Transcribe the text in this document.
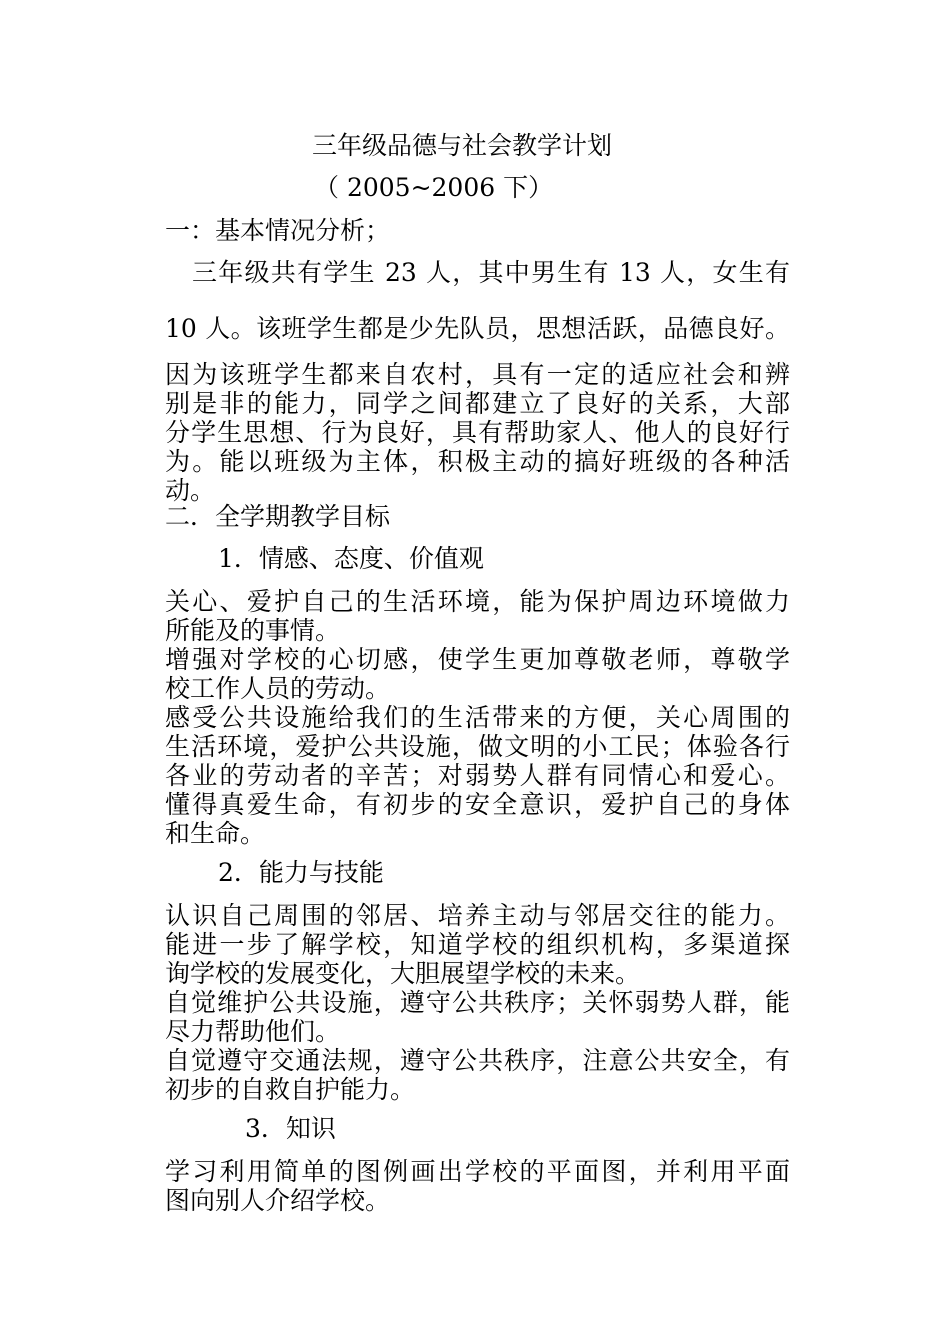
三年级品德与社会教学计划
（ 2005~2006 下）
一：基本情况分析；
三年级共有学生 23 人，其中男生有 13 人，女生有
10 人。该班学生都是少先队员，思想活跃，品德良好。
因为该班学生都来自农村，具有一定的适应社会和辨
别是非的能力，同学之间都建立了良好的关系，大部
分学生思想、行为良好，具有帮助家人、他人的良好行
为。能以班级为主体，积极主动的搞好班级的各种活
动。
二．全学期教学目标
1．情感、态度、价值观
关心、爱护自己的生活环境，能为保护周边环境做力
所能及的事情。
增强对学校的心切感，使学生更加尊敬老师，尊敬学
校工作人员的劳动。
感受公共设施给我们的生活带来的方便，关心周围的
生活环境，爱护公共设施，做文明的小工民；体验各行
各业的劳动者的辛苦；对弱势人群有同情心和爱心。
懂得真爱生命，有初步的安全意识，爱护自己的身体
和生命。
2．能力与技能
认识自己周围的邻居、培养主动与邻居交往的能力。
能进一步了解学校，知道学校的组织机构，多渠道探
询学校的发展变化，大胆展望学校的未来。
自觉维护公共设施，遵守公共秩序；关怀弱势人群，能
尽力帮助他们。
自觉遵守交通法规，遵守公共秩序，注意公共安全，有
初步的自救自护能力。
3．知识
学习利用简单的图例画出学校的平面图，并利用平面
图向别人介绍学校。
